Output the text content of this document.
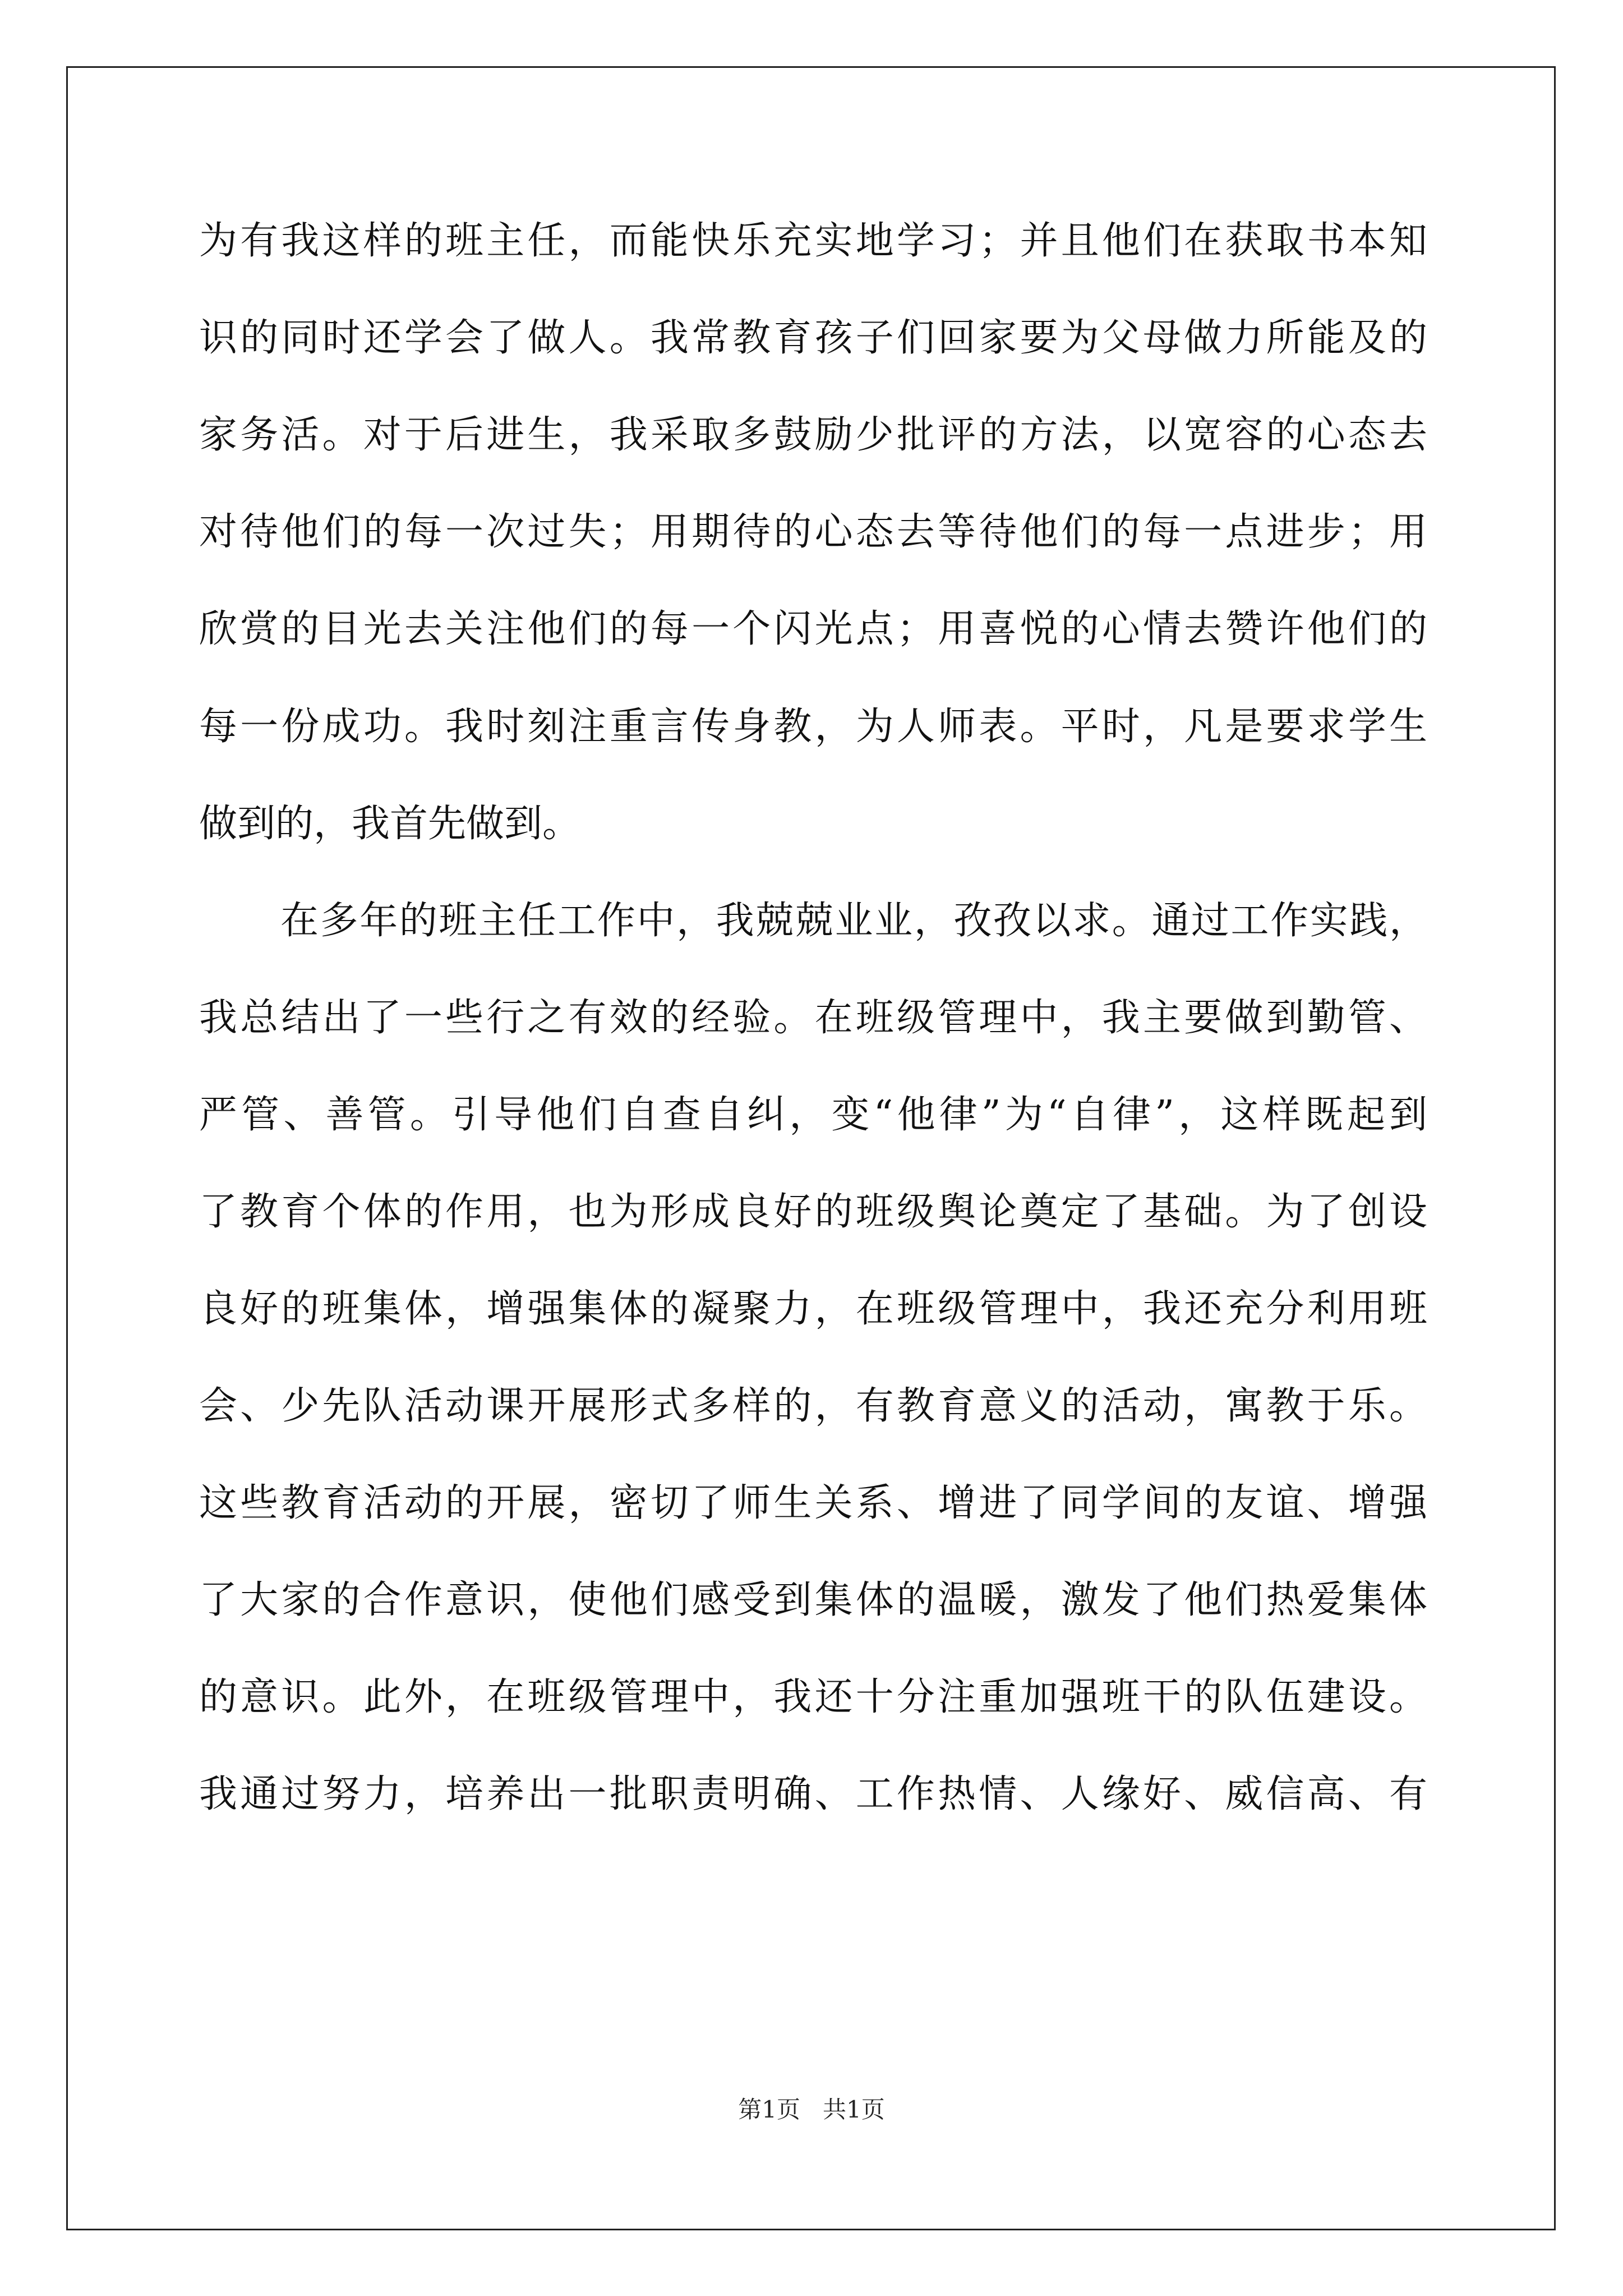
为有我这样的班主任，而能快乐充实地学习；并且他们在获取书本知
识的同时还学会了做人。我常教育孩子们回家要为父母做力所能及的
家务活。对于后进生，我采取多鼓励少批评的方法，以宽容的心态去
对待他们的每一次过失；用期待的心态去等待他们的每一点进步；用
欣赏的目光去关注他们的每一个闪光点；用喜悦的心情去赞许他们的
每一份成功。我时刻注重言传身教，为人师表。平时，凡是要求学生
做到的，我首先做到。
在多年的班主任工作中，我兢兢业业，孜孜以求。通过工作实践，
我总结出了一些行之有效的经验。在班级管理中，我主要做到勤管、
严管、善管。引导他们自查自纠，变“他律”为“自律”，这样既起到
了教育个体的作用，也为形成良好的班级舆论奠定了基础。为了创设
良好的班集体，增强集体的凝聚力，在班级管理中，我还充分利用班
会、少先队活动课开展形式多样的，有教育意义的活动，寓教于乐。
这些教育活动的开展，密切了师生关系、增进了同学间的友谊、增强
了大家的合作意识，使他们感受到集体的温暖，激发了他们热爱集体
的意识。此外，在班级管理中，我还十分注重加强班干的队伍建设。
我通过努力，培养出一批职责明确、工作热情、人缘好、威信高、有
第1页   共1页
